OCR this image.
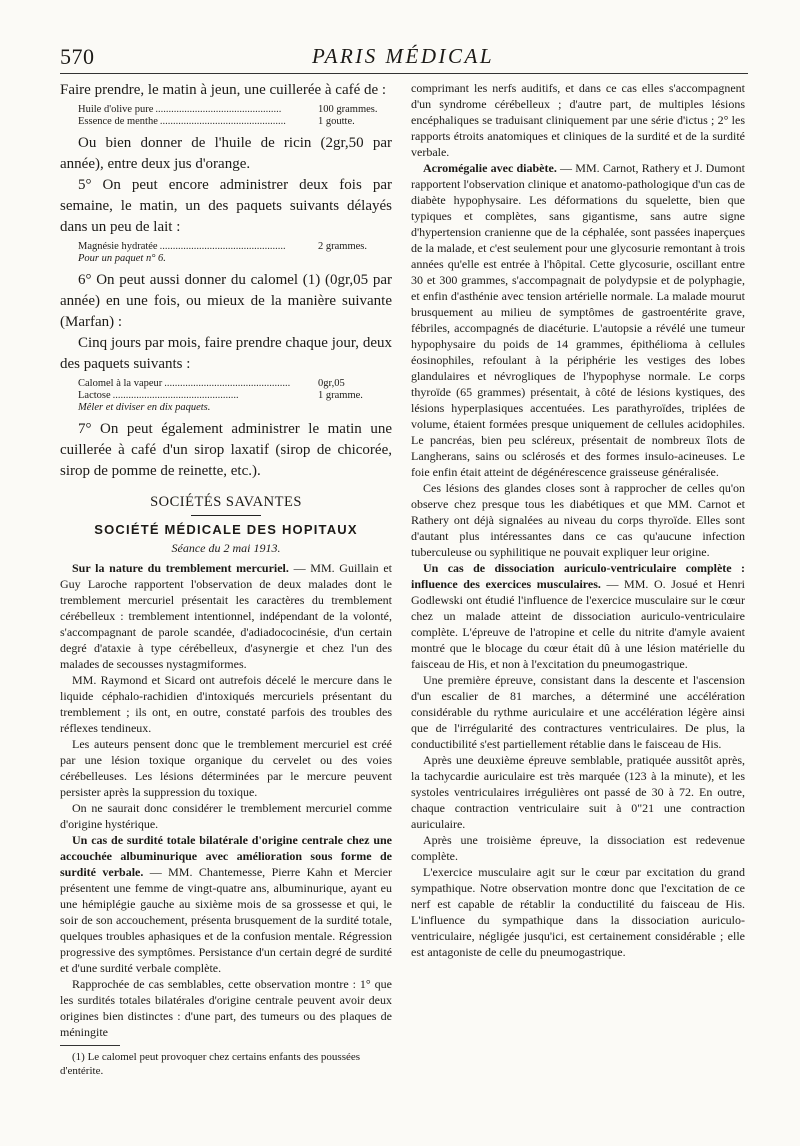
570	PARIS MÉDICAL

Faire prendre, le matin à jeun, une cuillerée à café de :

Huile d'olive pure ................................................	100 grammes.
Essence de menthe ................................................	1 goutte.

Ou bien donner de l'huile de ricin (2gr,50 par année), entre deux jus d'orange.

5° On peut encore administrer deux fois par semaine, le matin, un des paquets suivants délayés dans un peu de lait :

Magnésie hydratée ................................................	2 grammes.
Pour un paquet n° 6.

6° On peut aussi donner du calomel (1) (0gr,05 par année) en une fois, ou mieux de la manière suivante (Marfan) :

Cinq jours par mois, faire prendre chaque jour, deux des paquets suivants :

Calomel à la vapeur ................................................	0gr,05
Lactose ................................................	1 gramme.
Mêler et diviser en dix paquets.

7° On peut également administrer le matin une cuillerée à café d'un sirop laxatif (sirop de chicorée, sirop de pomme de reinette, etc.).

SOCIÉTÉS SAVANTES
SOCIÉTÉ MÉDICALE DES HOPITAUX
Séance du 2 mai 1913.

Sur la nature du tremblement mercuriel. — MM. Guillain et Guy Laroche rapportent l'observation de deux malades dont le tremblement mercuriel présentait les caractères du tremblement cérébelleux : tremblement intentionnel, indépendant de la volonté, s'accompagnant de parole scandée, d'adiadococinésie, d'un certain degré d'ataxie à type cérébelleux, d'asynergie et chez l'un des malades de secousses nystagmiformes.

MM. Raymond et Sicard ont autrefois décelé le mercure dans le liquide céphalo-rachidien d'intoxiqués mercuriels présentant du tremblement ; ils ont, en outre, constaté parfois des troubles des réflexes tendineux.

Les auteurs pensent donc que le tremblement mercuriel est créé par une lésion toxique organique du cervelet ou des voies cérébelleuses. Les lésions déterminées par le mercure peuvent persister après la suppression du toxique.

On ne saurait donc considérer le tremblement mercuriel comme d'origine hystérique.

Un cas de surdité totale bilatérale d'origine centrale chez une accouchée albuminurique avec amélioration sous forme de surdité verbale. — MM. Chantemesse, Pierre Kahn et Mercier présentent une femme de vingt-quatre ans, albuminurique, ayant eu une hémiplégie gauche au sixième mois de sa grossesse et qui, le soir de son accouchement, présenta brusquement de la surdité totale, quelques troubles aphasiques et de la confusion mentale. Régression progressive des symptômes. Persistance d'un certain degré de surdité et d'une surdité verbale complète.

Rapprochée de cas semblables, cette observation montre : 1° que les surdités totales bilatérales d'origine centrale peuvent avoir deux origines bien distinctes : d'une part, des tumeurs ou des plaques de méningite

(1) Le calomel peut provoquer chez certains enfants des poussées d'entérite.

comprimant les nerfs auditifs, et dans ce cas elles s'accompagnent d'un syndrome cérébelleux ; d'autre part, de multiples lésions encéphaliques se traduisant cliniquement par une série d'ictus ; 2° les rapports étroits anatomiques et cliniques de la surdité et de la surdité verbale.

Acromégalie avec diabète. — MM. Carnot, Rathery et J. Dumont rapportent l'observation clinique et anatomo-pathologique d'un cas de diabète hypophysaire. Les déformations du squelette, bien que typiques et complètes, sans gigantisme, sans autre signe d'hypertension cranienne que de la céphalée, sont passées inaperçues de la malade, et c'est seulement pour une glycosurie remontant à trois années qu'elle est entrée à l'hôpital. Cette glycosurie, oscillant entre 30 et 300 grammes, s'accompagnait de polydypsie et de polyphagie, et enfin d'asthénie avec tension artérielle normale. La malade mourut brusquement au milieu de symptômes de gastroentérite grave, fébriles, accompagnés de diacéturie. L'autopsie a révélé une tumeur hypophysaire du poids de 14 grammes, épithélioma à cellules éosinophiles, refoulant à la périphérie les vestiges des lobes glandulaires et névrogliques de l'hypophyse normale. Le corps thyroïde (65 grammes) présentait, à côté de lésions kystiques, des lésions hyperplasiques accentuées. Les parathyroïdes, triplées de volume, étaient formées presque uniquement de cellules acidophiles. Le pancréas, bien peu scléreux, présentait de nombreux îlots de Langherans, sains ou sclérosés et des formes insulo-acineuses. Le foie enfin était atteint de dégénérescence graisseuse généralisée.

Ces lésions des glandes closes sont à rapprocher de celles qu'on observe chez presque tous les diabétiques et que MM. Carnot et Rathery ont déjà signalées au niveau du corps thyroïde. Elles sont d'autant plus intéressantes dans ce cas qu'aucune infection tuberculeuse ou syphilitique ne pouvait expliquer leur origine.

Un cas de dissociation auriculo-ventriculaire complète : influence des exercices musculaires. — MM. O. Josué et Henri Godlewski ont étudié l'influence de l'exercice musculaire sur le cœur chez un malade atteint de dissociation auriculo-ventriculaire complète. L'épreuve de l'atropine et celle du nitrite d'amyle avaient montré que le blocage du cœur était dû à une lésion matérielle du faisceau de His, et non à l'excitation du pneumogastrique.

Une première épreuve, consistant dans la descente et l'ascension d'un escalier de 81 marches, a déterminé une accélération considérable du rythme auriculaire et une accélération légère ainsi que de l'irrégularité des contractures ventriculaires. De plus, la conductibilité s'est partiellement rétablie dans le faisceau de His.

Après une deuxième épreuve semblable, pratiquée aussitôt après, la tachycardie auriculaire est très marquée (123 à la minute), et les systoles ventriculaires irrégulières ont passé de 30 à 72. En outre, chaque contraction ventriculaire suit à 0"21 une contraction auriculaire.

Après une troisième épreuve, la dissociation est redevenue complète.

L'exercice musculaire agit sur le cœur par excitation du grand sympathique. Notre observation montre donc que l'excitation de ce nerf est capable de rétablir la conductilité du faisceau de His. L'influence du sympathique dans la dissociation auriculo-ventriculaire, négligée jusqu'ici, est certainement considérable ; elle est antagoniste de celle du pneumogastrique.
